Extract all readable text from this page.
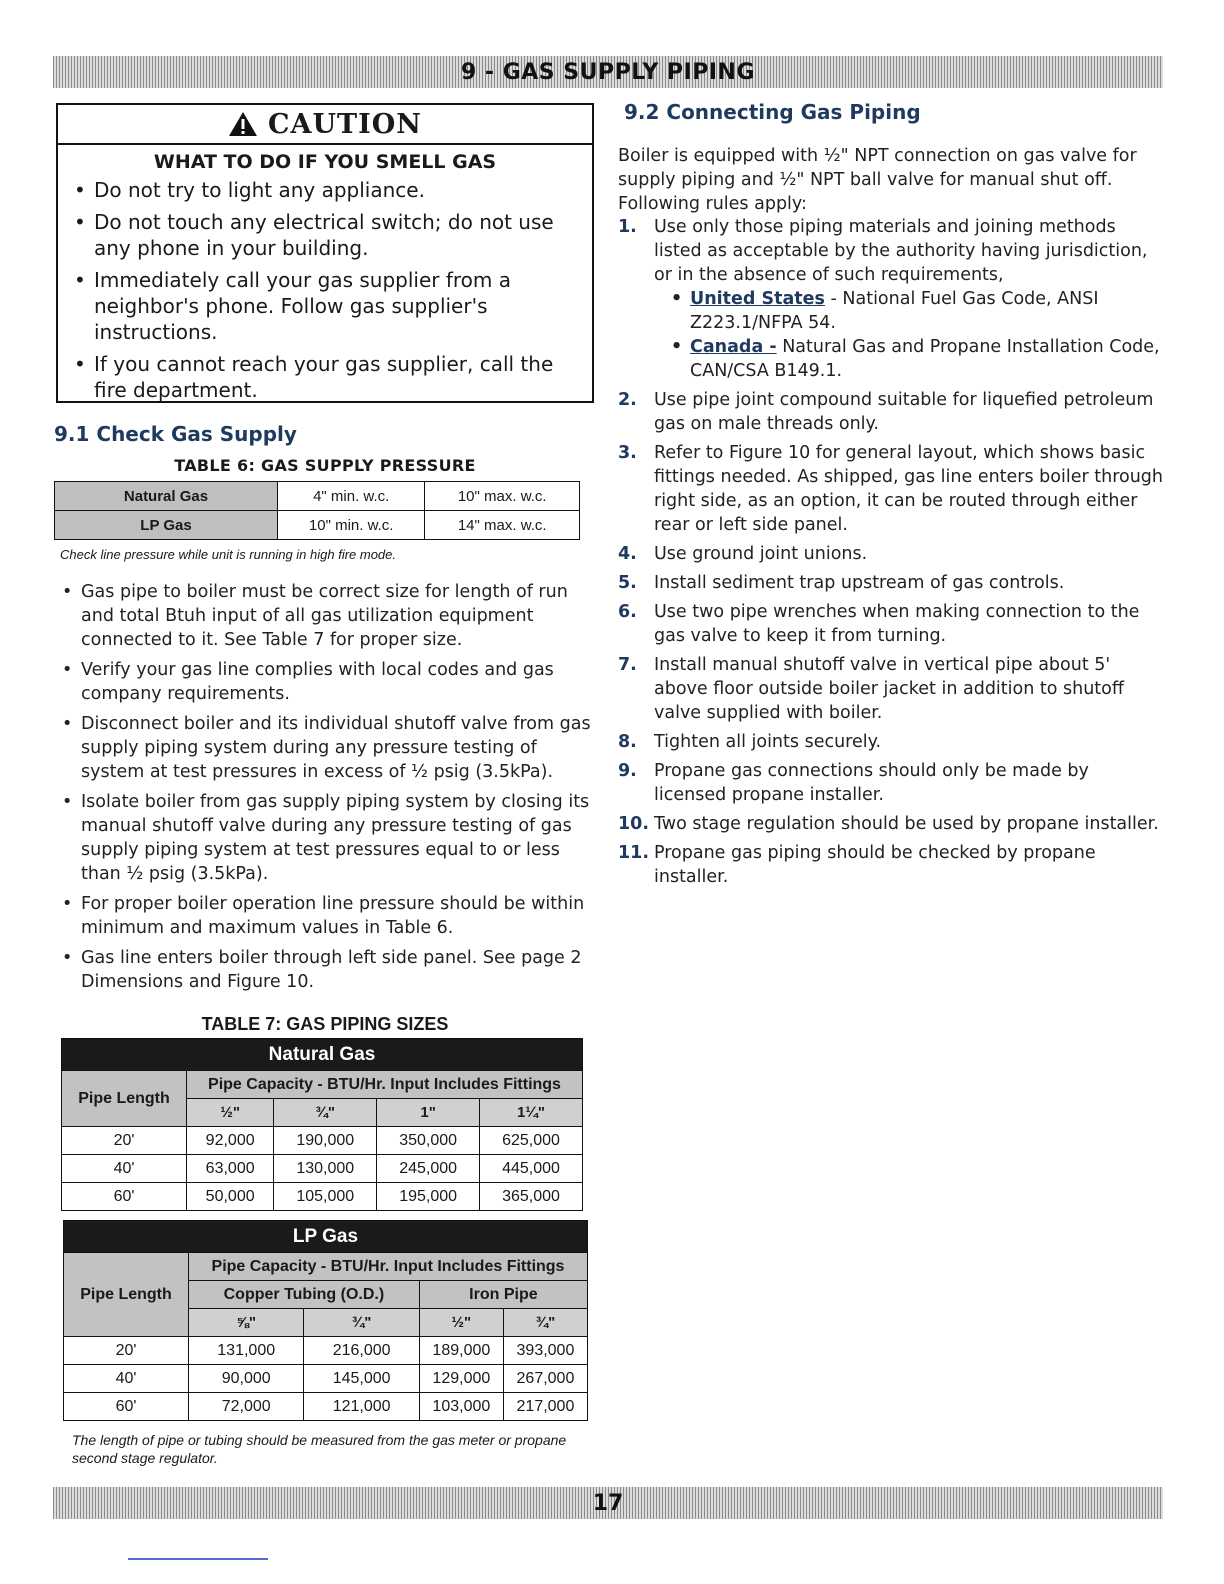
9 - GAS SUPPLY PIPING
CAUTION
WHAT TO DO IF YOU SMELL GAS
• Do not try to light any appliance.
• Do not touch any electrical switch; do not use any phone in your building.
• Immediately call your gas supplier from a neighbor's phone. Follow gas supplier's instructions.
• If you cannot reach your gas supplier, call the fire department.
9.1 Check Gas Supply
TABLE 6: GAS SUPPLY PRESSURE
Natural Gas	4" min. w.c.	10" max. w.c.
LP Gas	10" min. w.c.	14" max. w.c.
Check line pressure while unit is running in high fire mode.
• Gas pipe to boiler must be correct size for length of run and total Btuh input of all gas utilization equipment connected to it. See Table 7 for proper size.
• Verify your gas line complies with local codes and gas company requirements.
• Disconnect boiler and its individual shutoff valve from gas supply piping system during any pressure testing of system at test pressures in excess of ½ psig (3.5kPa).
• Isolate boiler from gas supply piping system by closing its manual shutoff valve during any pressure testing of gas supply piping system at test pressures equal to or less than ½ psig (3.5kPa).
• For proper boiler operation line pressure should be within minimum and maximum values in Table 6.
• Gas line enters boiler through left side panel. See page 2 Dimensions and Figure 10.
TABLE 7: GAS PIPING SIZES
Natural Gas				
Pipe Length	Pipe Capacity - BTU/Hr. Input Includes Fittings			
	½"	¾"	1"	1¼"
20'	92,000	190,000	350,000	625,000
40'	63,000	130,000	245,000	445,000
60'	50,000	105,000	195,000	365,000
LP Gas				
Pipe Length	Pipe Capacity - BTU/Hr. Input Includes Fittings			
	Copper Tubing (O.D.)		Iron Pipe	
	⅝"	¾"	½"	¾"
20'	131,000	216,000	189,000	393,000
40'	90,000	145,000	129,000	267,000
60'	72,000	121,000	103,000	217,000
The length of pipe or tubing should be measured from the gas meter or propane second stage regulator.
9.2 Connecting Gas Piping
Boiler is equipped with ½" NPT connection on gas valve for supply piping and ½" NPT ball valve for manual shut off. Following rules apply:
1. Use only those piping materials and joining methods listed as acceptable by the authority having jurisdiction, or in the absence of such requirements,
• United States - National Fuel Gas Code, ANSI Z223.1/NFPA 54.
• Canada - Natural Gas and Propane Installation Code, CAN/CSA B149.1.
2. Use pipe joint compound suitable for liquefied petroleum gas on male threads only.
3. Refer to Figure 10 for general layout, which shows basic fittings needed. As shipped, gas line enters boiler through right side, as an option, it can be routed through either rear or left side panel.
4. Use ground joint unions.
5. Install sediment trap upstream of gas controls.
6. Use two pipe wrenches when making connection to the gas valve to keep it from turning.
7. Install manual shutoff valve in vertical pipe about 5' above floor outside boiler jacket in addition to shutoff valve supplied with boiler.
8. Tighten all joints securely.
9. Propane gas connections should only be made by licensed propane installer.
10. Two stage regulation should be used by propane installer.
11. Propane gas piping should be checked by propane installer.
17
